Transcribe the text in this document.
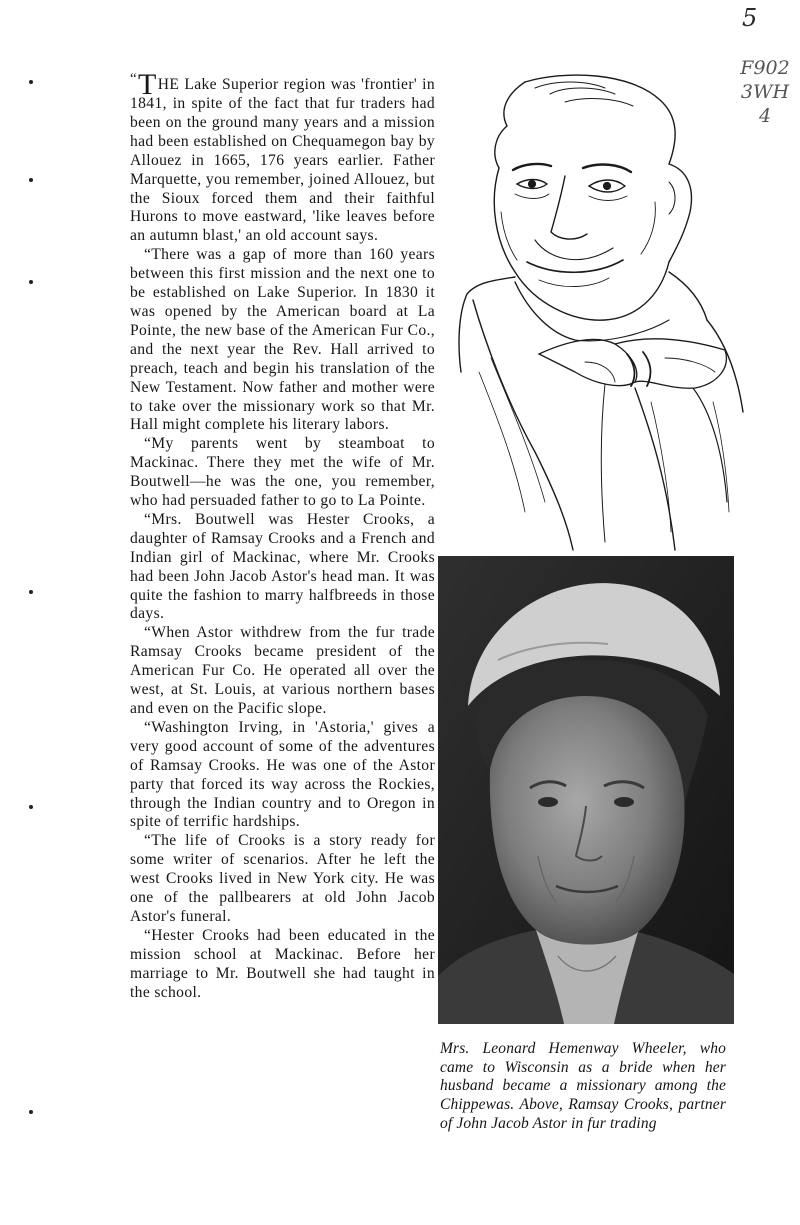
5
F902
3WH
4

“THE Lake Superior region was 'frontier' in 1841, in spite of the fact that fur traders had been on the ground many years and a mission had been established on Chequamegon bay by Allouez in 1665, 176 years earlier. Father Marquette, you remember, joined Allouez, but the Sioux forced them and their faithful Hurons to move eastward, 'like leaves before an autumn blast,' an old account says.

“There was a gap of more than 160 years between this first mission and the next one to be established on Lake Superior. In 1830 it was opened by the American board at La Pointe, the new base of the American Fur Co., and the next year the Rev. Hall arrived to preach, teach and begin his translation of the New Testament. Now father and mother were to take over the missionary work so that Mr. Hall might complete his literary labors.

“My parents went by steamboat to Mackinac. There they met the wife of Mr. Boutwell—he was the one, you remember, who had persuaded father to go to La Pointe.

“Mrs. Boutwell was Hester Crooks, a daughter of Ramsay Crooks and a French and Indian girl of Mackinac, where Mr. Crooks had been John Jacob Astor's head man. It was quite the fashion to marry halfbreeds in those days.

“When Astor withdrew from the fur trade Ramsay Crooks became president of the American Fur Co. He operated all over the west, at St. Louis, at various northern bases and even on the Pacific slope.

“Washington Irving, in 'Astoria,' gives a very good account of some of the adventures of Ramsay Crooks. He was one of the Astor party that forced its way across the Rockies, through the Indian country and to Oregon in spite of terrific hardships.

“The life of Crooks is a story ready for some writer of scenarios. After he left the west Crooks lived in New York city. He was one of the pallbearers at old John Jacob Astor's funeral.

“Hester Crooks had been educated in the mission school at Mackinac. Before her marriage to Mr. Boutwell she had taught in the school.

Mrs. Leonard Hemenway Wheeler, who came to Wisconsin as a bride when her husband became a missionary among the Chippewas. Above, Ramsay Crooks, partner of John Jacob Astor in fur trading
